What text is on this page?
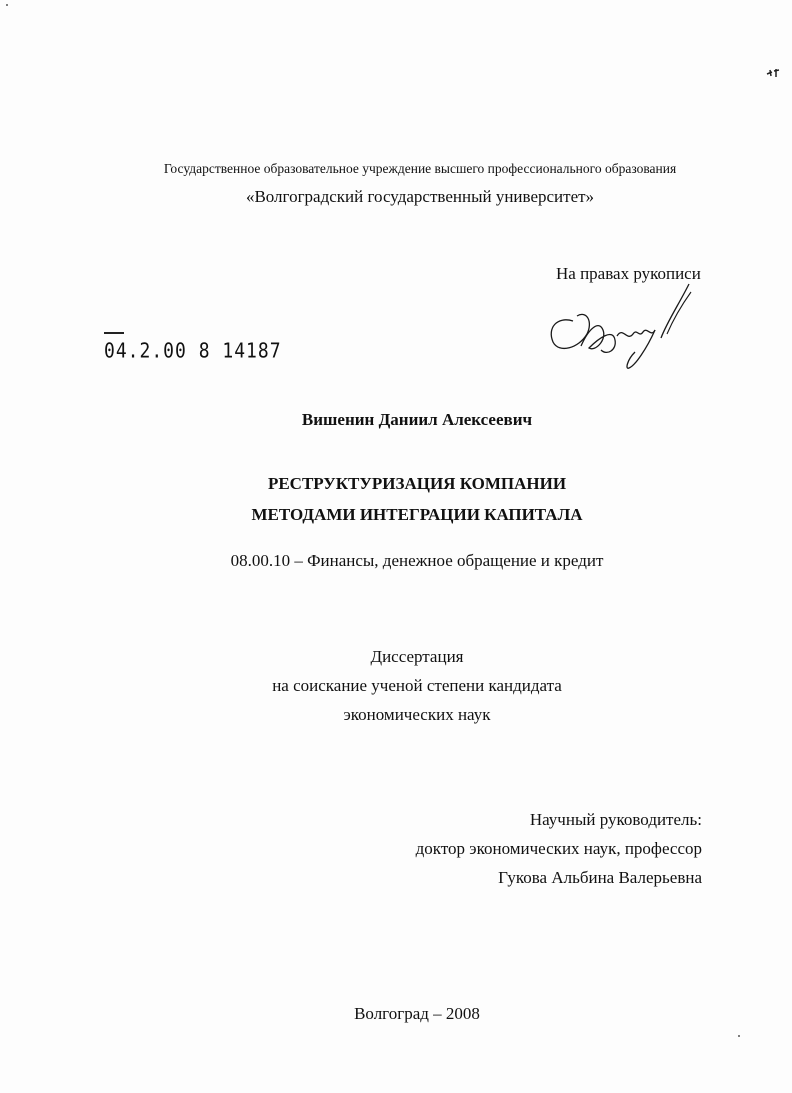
Государственное образовательное учреждение высшего профессионального образования
«Волгоградский государственный университет»
На правах рукописи
04.2.00 8 14187
Вишенин Даниил Алексеевич
РЕСТРУКТУРИЗАЦИЯ КОМПАНИИ
МЕТОДАМИ ИНТЕГРАЦИИ КАПИТАЛА
08.00.10 – Финансы, денежное обращение и кредит
Диссертация
на соискание ученой степени кандидата
экономических наук
Научный руководитель:
доктор экономических наук, профессор
Гукова Альбина Валерьевна
Волгоград – 2008
